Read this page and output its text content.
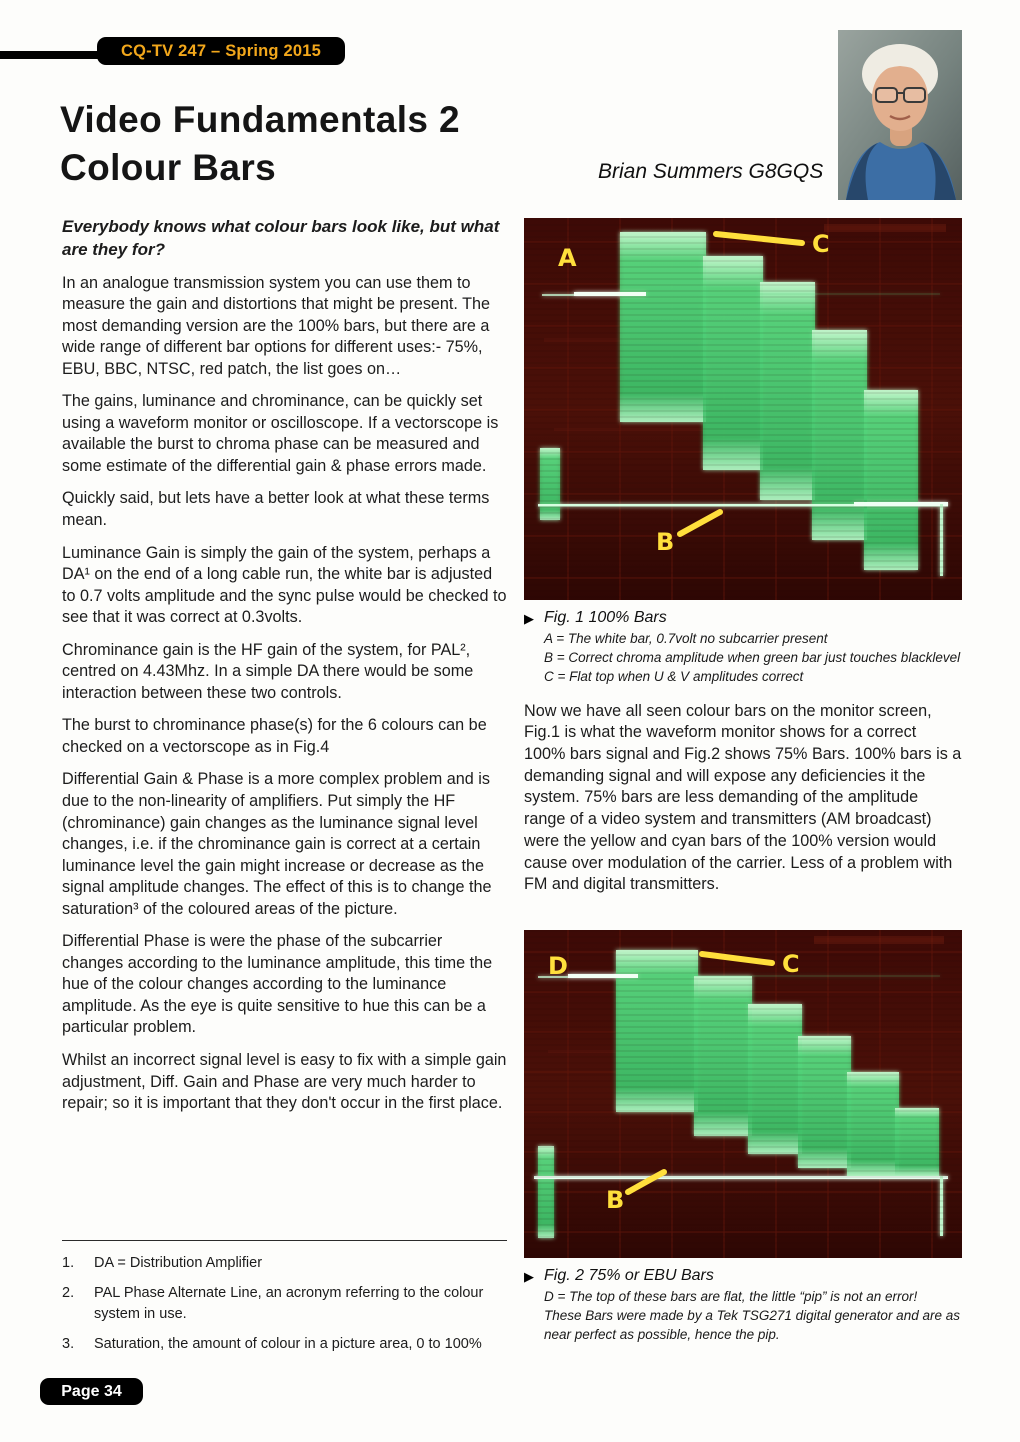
CQ-TV 247 – Spring 2015
Video Fundamentals 2
Colour Bars	Brian Summers G8GQS

Everybody knows what colour bars look like, but what are they for?

In an analogue transmission system you can use them to measure the gain and distortions that might be present. The most demanding version are the 100% bars, but there are a wide range of different bar options for different uses:- 75%, EBU, BBC, NTSC, red patch, the list goes on…

The gains, luminance and chrominance, can be quickly set using a waveform monitor or oscilloscope. If a vectorscope is available the burst to chroma phase can be measured and some estimate of the differential gain & phase errors made.

Quickly said, but lets have a better look at what these terms mean.

Luminance Gain is simply the gain of the system, perhaps a DA¹ on the end of a long cable run, the white bar is adjusted to 0.7 volts amplitude and the sync pulse would be checked to see that it was correct at 0.3volts.

Chrominance gain is the HF gain of the system, for PAL², centred on 4.43Mhz. In a simple DA there would be some interaction between these two controls.

The burst to chrominance phase(s) for the 6 colours can be checked on a vectorscope as in Fig.4

Differential Gain & Phase is a more complex problem and is due to the non-linearity of amplifiers. Put simply the HF (chrominance) gain changes as the luminance signal level changes, i.e. if the chrominance gain is correct at a certain luminance level the gain might increase or decrease as the signal amplitude changes. The effect of this is to change the saturation³ of the coloured areas of the picture.

Differential Phase is were the phase of the subcarrier changes according to the luminance amplitude, this time the hue of the colour changes according to the luminance amplitude. As the eye is quite sensitive to hue this can be a particular problem.

Whilst an incorrect signal level is easy to fix with a simple gain adjustment, Diff. Gain and Phase are very much harder to repair; so it is important that they don't occur in the first place.

1.	DA = Distribution Amplifier
2.	PAL Phase Alternate Line, an acronym referring to the colour system in use.
3.	Saturation, the amount of colour in a picture area, 0 to 100%
A	C
B
▶ Fig. 1 100% Bars
A = The white bar, 0.7volt no subcarrier present
B = Correct chroma amplitude when green bar just touches blacklevel
C = Flat top when U & V amplitudes correct

Now we have all seen colour bars on the monitor screen, Fig.1 is what the waveform monitor shows for a correct 100% bars signal and Fig.2 shows 75% Bars. 100% bars is a demanding signal and will expose any deficiencies it the system. 75% bars are less demanding of the amplitude range of a video system and transmitters (AM broadcast) were the yellow and cyan bars of the 100% version would cause over modulation of the carrier. Less of a problem with FM and digital transmitters.

D	C
B
▶ Fig. 2 75% or EBU Bars
D = The top of these bars are flat, the little “pip” is not an error!
These Bars were made by a Tek TSG271 digital generator and are as near perfect as possible, hence the pip.
Page 34
